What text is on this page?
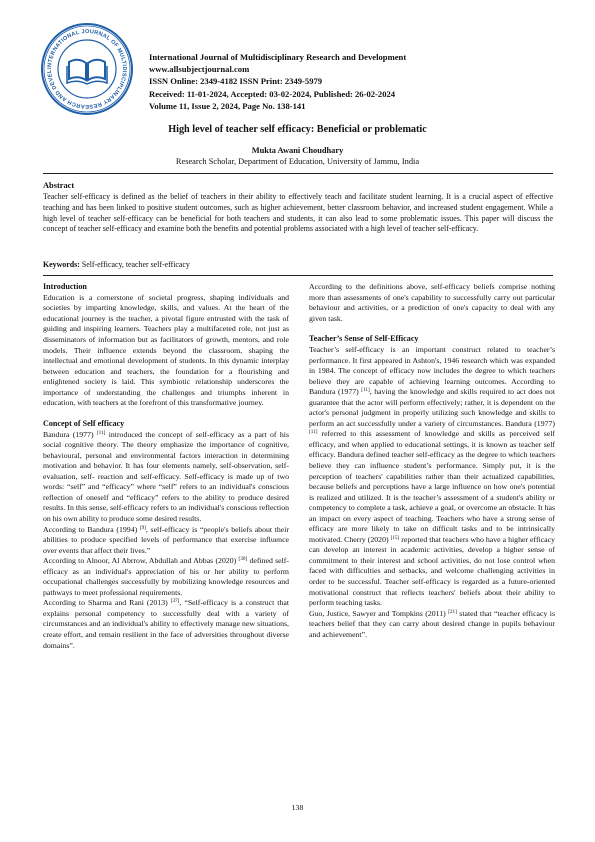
INTERNATIONAL JOURNAL OF MULTIDISCIPLINARY RESEARCH AND DEVEL
International Journal of Multidisciplinary Research and Development
www.allsubjectjournal.com
ISSN Online: 2349-4182 ISSN Print: 2349-5979
Received: 11-01-2024, Accepted: 03-02-2024, Published: 26-02-2024
Volume 11, Issue 2, 2024, Page No. 138-141
High level of teacher self efficacy: Beneficial or problematic
Mukta Awani Choudhary
Research Scholar, Department of Education, University of Jammu, India
Abstract
Teacher self-efficacy is defined as the belief of teachers in their ability to effectively teach and facilitate student learning. It is a crucial aspect of effective teaching and has been linked to positive student outcomes, such as higher achievement, better classroom behavior, and increased student engagement. While a high level of teacher self-efficacy can be beneficial for both teachers and students, it can also lead to some problematic issues. This paper will discuss the concept of teacher self-efficacy and examine both the benefits and potential problems associated with a high level of teacher self-efficacy.
Keywords: Self-efficacy, teacher self-efficacy
Introduction

Education is a cornerstone of societal progress, shaping individuals and societies by imparting knowledge, skills, and values. At the heart of the educational journey is the teacher, a pivotal figure entrusted with the task of guiding and inspiring learners. Teachers play a multifaceted role, not just as disseminators of information but as facilitators of growth, mentors, and role models. Their influence extends beyond the classroom, shaping the intellectual and emotional development of students. In this dynamic interplay between education and teachers, the foundation for a flourishing and enlightened society is laid. This symbiotic relationship underscores the importance of understanding the challenges and triumphs inherent in education, with teachers at the forefront of this transformative journey.

Concept of Self efficacy

Bandura (1977) [11] introduced the concept of self-efficacy as a part of his social cognitive theory. The theory emphasize the importance of cognitive, behavioural, personal and environmental factors interaction in determining motivation and behavior. It has four elements namely, self-observation, self-evaluation, self- reaction and self-efficacy. Self-efficacy is made up of two words: “self” and “efficacy” where “self” refers to an individual's conscious reflection of oneself and “efficacy” refers to the ability to produce desired results. In this sense, self-efficacy refers to an individual's conscious reflection on his own ability to produce some desired results.

According to Bandura (1994) [9], self-efficacy is “people's beliefs about their abilities to produce specified levels of performance that exercise influence over events that affect their lives.”

According to Alnoor, Al Abrrow, Abdullah and Abbas (2020) [30] defined self-efficacy as an individual's appreciation of his or her ability to perform occupational challenges successfully by mobilizing knowledge resources and pathways to meet professional requirements.

According to Sharma and Rani (2013) [37], “Self-efficacy is a construct that explains personal competency to successfully deal with a variety of circumstances and an individual's ability to effectively manage new situations, create effort, and remain resilient in the face of adversities throughout diverse domains”.

According to the definitions above, self-efficacy beliefs comprise nothing more than assessments of one's capability to successfully carry out particular behaviour and activities, or a prediction of one's capacity to deal with any given task.

Teacher’s Sense of Self-Efficacy

Teacher’s self-efficacy is an important construct related to teacher’s performance. It first appeared in Ashton's, 1946 research which was expanded in 1984. The concept of efficacy now includes the degree to which teachers believe they are capable of achieving learning outcomes. According to Bandura (1977) [11], having the knowledge and skills required to act does not guarantee that the actor will perform effectively; rather, it is dependent on the actor's personal judgment in properly utilizing such knowledge and skills to perform an act successfully under a variety of circumstances. Bandura (1977) [11] referred to this assessment of knowledge and skills as perceived self efficacy, and when applied to educational settings, it is known as teacher self efficacy. Bandura defined teacher self-efficacy as the degree to which teachers believe they can influence student’s performance. Simply put, it is the perception of teachers' capabilities rather than their actualized capabilities, because beliefs and perceptions have a large influence on how one's potential is realized and utilized. It is the teacher’s assessment of a student's ability or competency to complete a task, achieve a goal, or overcome an obstacle. It has an impact on every aspect of teaching. Teachers who have a strong sense of efficacy are more likely to take on difficult tasks and to be intrinsically motivated. Cherry (2020) [15] reported that teachers who have a higher efficacy can develop an interest in academic activities, develop a higher sense of commitment to their interest and school activities, do not lose control when faced with difficulties and setbacks, and welcome challenging activities in order to be successful. Teacher self-efficacy is regarded as a future-oriented motivational construct that reflects teachers' beliefs about their ability to perform teaching tasks.

Guo, Justice, Sawyer and Tompkins (2011) [21] stated that “teacher efficacy is teachers belief that they can carry about desired change in pupils behaviour and achievement”.

138
